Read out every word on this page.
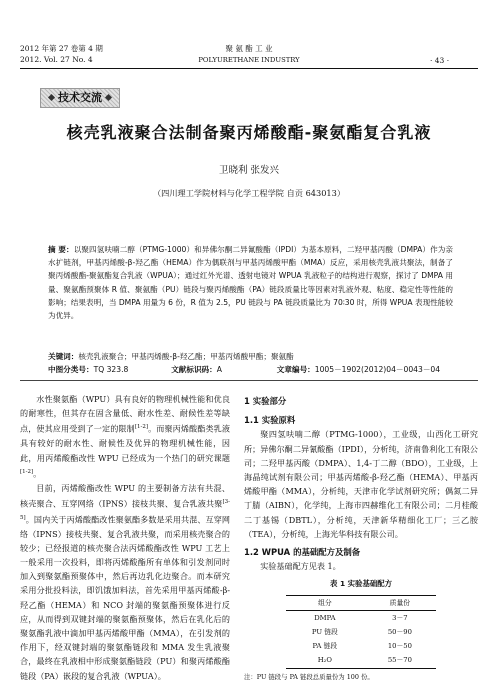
2012 年第 27 卷第 4 期
2012. Vol. 27 No. 4
聚 氨 酯 工 业
POLYURETHANE INDUSTRY	· 43 ·
技术交流
核壳乳液聚合法制备聚丙烯酸酯-聚氨酯复合乳液
卫晓利 张发兴
（四川理工学院材料与化学工程学院 自贡 643013）
摘 要：以聚四氢呋喃二醇（PTMG-1000）和异佛尔酮二异氰酸酯（IPDI）为基本原料，二羟甲基丙酸（DMPA）作为亲水扩链剂，甲基丙烯酸-β-羟乙酯（HEMA）作为偶联剂与甲基丙烯酸甲酯（MMA）反应，采用核壳乳液共聚法，制备了聚丙烯酸酯-聚氨酯复合乳液（WPUA）；通过红外光谱、透射电镜对 WPUA 乳液粒子的结构进行观察，探讨了 DMPA 用量、聚氨酯预聚体 R 值、聚氨酯（PU）链段与聚丙烯酸酯（PA）链段质量比等因素对乳液外观、粘度、稳定性等性能的影响；结果表明，当 DMPA 用量为 6 份，R 值为 2.5，PU 链段与 PA 链段质量比为 70∶30 时，所得 WPUA 表现性能较为优异。
关键词：核壳乳液聚合；甲基丙烯酸-β-羟乙酯；甲基丙烯酸甲酯；聚氨酯
中图分类号：TQ 323.8	文献标识码：A	文章编号：1005－1902(2012)04－0043－04

水性聚氨酯（WPU）具有良好的物理机械性能和优良的耐寒性，但其存在固含量低、耐水性差、耐候性差等缺点，使其应用受到了一定的限制[1-2]。而聚丙烯酸酯类乳液具有较好的耐水性、耐候性及优异的物理机械性能，因此，用丙烯酸酯改性 WPU 已经成为一个热门的研究课题[1-2]。

目前，丙烯酸酯改性 WPU 的主要制备方法有共混、核壳聚合、互穿网络（IPNS）接枝共聚、复合乳液共聚[3-5]。国内关于丙烯酸酯改性聚氨酯多数是采用共混、互穿网络（IPNS）接枝共聚、复合乳液共聚，而采用核壳聚合的较少；已经报道的核壳聚合法丙烯酸酯改性 WPU 工艺上一般采用一次投料，即将丙烯酸酯所有单体和引发剂同时加入到聚氨酯预聚体中，然后再边乳化边聚合。而本研究采用分批投料法，即饥饿加料法，首先采用甲基丙烯酸-β-羟乙酯（HEMA）和 NCO 封端的聚氨酯预聚体进行反应，从而得到双键封端的聚氨酯预聚体，然后在乳化后的聚氨酯乳液中滴加甲基丙烯酸甲酯（MMA），在引发剂的作用下，经双键封端的聚氨酯链段和 MMA 发生乳液聚合，最终在乳液相中形成聚氨酯链段（PU）和聚丙烯酸酯链段（PA）嵌段的复合乳液（WPUA）。

1 实验部分

1.1 实验原料

聚四氢呋喃二醇（PTMG-1000），工业级，山西化工研究所；异佛尔酮二异氰酸酯（IPDI），分析纯，济南鲁利化工有限公司；二羟甲基丙酸（DMPA）、1,4-丁二醇（BDO），工业级，上海晶纯试剂有限公司；甲基丙烯酸-β-羟乙酯（HEMA）、甲基丙烯酸甲酯（MMA），分析纯，天津市化学试剂研究所；偶氮二异丁腈（AIBN），化学纯，上海市四赫维化工有限公司；二月桂酸二丁基锡（DBTL），分析纯，天津新华精细化工厂；三乙胺（TEA），分析纯，上海光华科技有限公司。

1.2 WPUA 的基础配方及制备

实验基础配方见表 1。

表 1 实验基础配方
组分	质量份
DMPA	3－7
PU 链段	50－90
PA 链段	10－50
H₂O	55－70
注：PU 链段与 PA 链段总质量份为 100 份。
